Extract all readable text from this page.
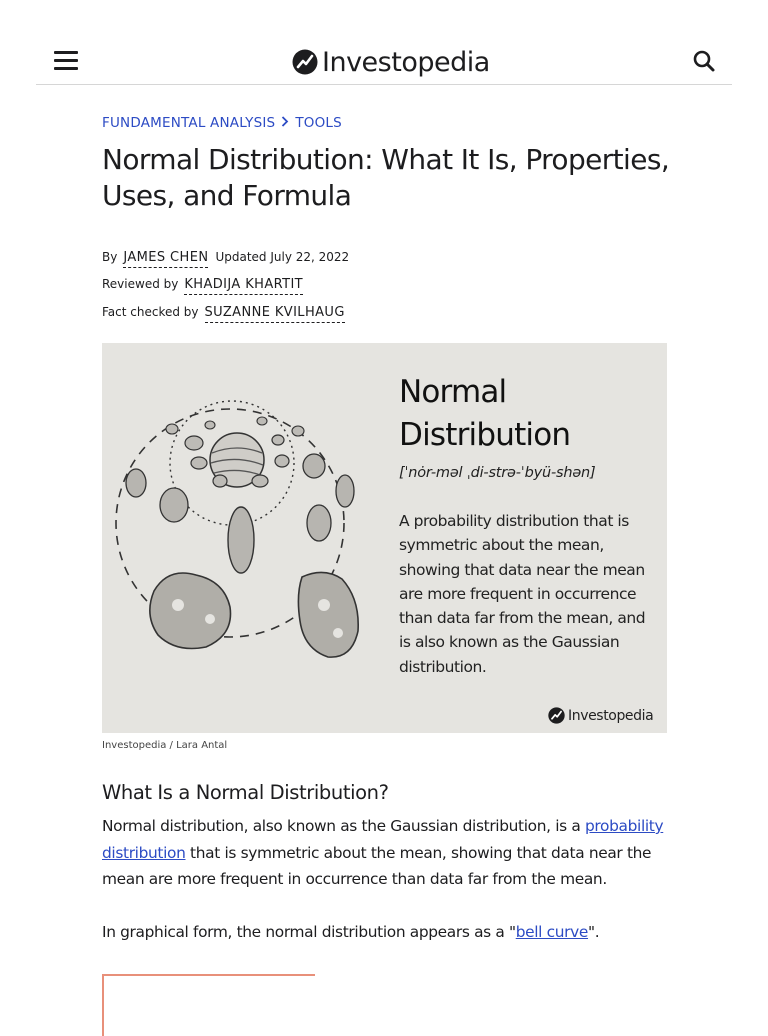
Investopedia
FUNDAMENTAL ANALYSIS TOOLS
Normal Distribution: What It Is, Properties, Uses, and Formula
By JAMES CHEN Updated July 22, 2022
Reviewed by KHADIJA KHARTIT
Fact checked by SUZANNE KVILHAUG
Normal
Distribution
[ˈnȯr-məl ˌdi-strə-ˈbyü-shən]
A probability distribution that is symmetric about the mean, showing that data near the mean are more frequent in occurrence than data far from the mean, and is also known as the Gaussian distribution.
Investopedia
Investopedia / Lara Antal
What Is a Normal Distribution?

Normal distribution, also known as the Gaussian distribution, is a probability distribution that is symmetric about the mean, showing that data near the mean are more frequent in occurrence than data far from the mean.

In graphical form, the normal distribution appears as a "bell curve".
